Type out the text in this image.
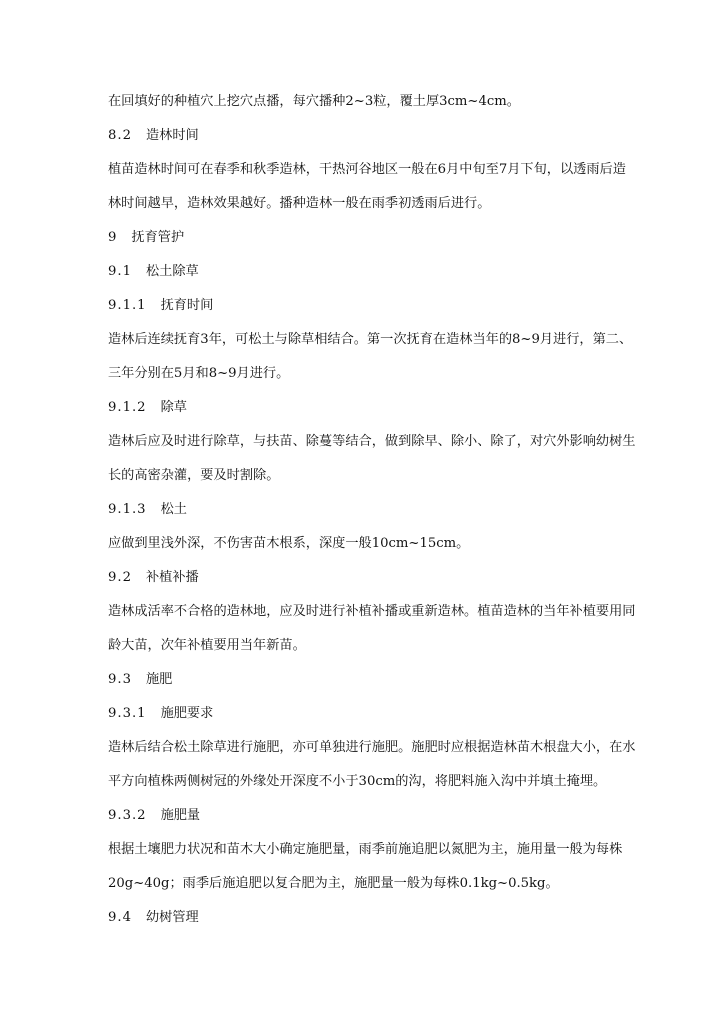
在回填好的种植穴上挖穴点播，每穴播种2~3粒，覆土厚3cm~4cm。
8.2 造林时间
植苗造林时间可在春季和秋季造林，干热河谷地区一般在6月中旬至7月下旬，以透雨后造
林时间越早，造林效果越好。播种造林一般在雨季初透雨后进行。
9 抚育管护
9.1 松土除草
9.1.1 抚育时间
造林后连续抚育3年，可松土与除草相结合。第一次抚育在造林当年的8~9月进行，第二、
三年分别在5月和8~9月进行。
9.1.2 除草
造林后应及时进行除草，与扶苗、除蔓等结合，做到除早、除小、除了，对穴外影响幼树生
长的高密杂灌，要及时割除。
9.1.3 松土
应做到里浅外深，不伤害苗木根系，深度一般10cm~15cm。
9.2 补植补播
造林成活率不合格的造林地，应及时进行补植补播或重新造林。植苗造林的当年补植要用同
龄大苗，次年补植要用当年新苗。
9.3 施肥
9.3.1 施肥要求
造林后结合松土除草进行施肥，亦可单独进行施肥。施肥时应根据造林苗木根盘大小，在水
平方向植株两侧树冠的外缘处开深度不小于30cm的沟，将肥料施入沟中并填土掩埋。
9.3.2 施肥量
根据土壤肥力状况和苗木大小确定施肥量，雨季前施追肥以氮肥为主，施用量一般为每株
20g~40g；雨季后施追肥以复合肥为主，施肥量一般为每株0.1kg~0.5kg。
9.4 幼树管理
